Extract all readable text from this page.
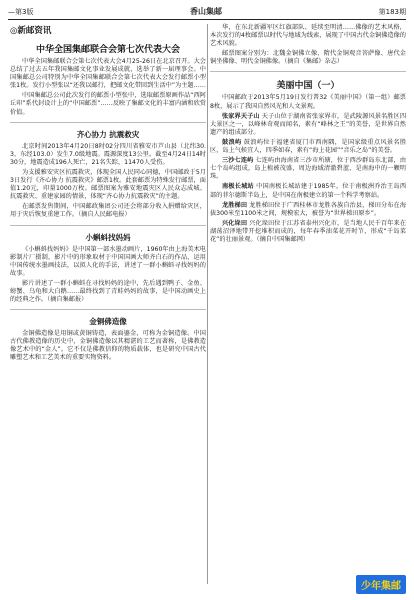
—第3版	香山集邮	第183期
◎新邮资讯
中华全国集邮联合会第七次代表大会

中华全国集邮联合会第七次代表大会4月25-26日在北京召开。大会总结了过去五年我国集邮文化事业发展成就，选举了新一届理事会。中国集邮总公司特别为中华全国集邮联合会第七次代表大会发行邮票小型张1枚。发行小型张以“还我以邮行，把邮文化带回到生活中”为主题……

中国集邮总公司此次发行的邮票小型张中，选取邮票原画作品“西阿丘印”系代封设计上的“中国邮票”……反映了集邮文化的丰富内涵和欣赏价值。

齐心协力 抗震救灾

北京时间2013年4月20日8时02分四川省雅安市芦山县（北纬30.3，东经103.0）发生7.0级地震。震源深度13公里。截至4月24日14时30分，地震造成196人死亡，21名失踪，11470人受伤。

为支援雅安灾区抗震救灾，体现全国人民同心同德，中国邮政于5月3日发行《齐心协力 抗震救灾》邮票1枚。此套邮票为特殊发行邮票，面值1.20元，印量1000万枚。邮票图案为雅安地震灾区人民众志成城、抗震救灾、重建家园的情景，体现“齐心协力抗震救灾”的主题。

在邮票发售期间，中国邮政集团公司还会将部分收入捐赠给灾区，用于灾后恢复重建工作。（摘自人民邮电报）

小蝌蚪找妈妈

《小蝌蚪找妈妈》是中国第一部水墨动画片，1960年由上海美术电影制片厂摄制，影片中的形象取材于中国国画大师齐白石的作品，运用中国传统水墨画技法，以拟人化的手法，讲述了一群小蝌蚪寻找妈妈的故事。

影片讲述了一群小蝌蚪在寻找妈妈的途中，先后遇到鸭子、金鱼、螃蟹、乌龟和大白鹅……最终找到了青蛙妈妈的故事，是中国动画史上的经典之作。（摘自集邮报）

金铜佛造像

金铜佛造像是用铜或黄铜铸造，表面鎏金，可称为金铜造像。中国古代佛教造像的历史中，金铜佛造像以其精湛的工艺而著称，是佛教造像艺术中的“金人”。它不仅是佛教信仰的物质载体，也是研究中国古代雕塑艺术和工艺美术的重要实物资料。

华，在东北新疆军区红旗部队、延续至明清……佛像的艺术风格，本次发行的4枚邮票以时代与地域为线索，展现了中国古代金铜佛造像的艺术风貌。

邮票图案分别为：北魏金铜佛立像、隋代金铜观音菩萨像、唐代金铜坐佛像、明代金铜佛像。（摘自《集邮》杂志）

美丽中国（一）

中国邮政于2013年5月19日发行普32《美丽中国》（第一组）邮票8枚，展示了我国自然风光和人文景观。

张家界天子山 天子山位于湖南省张家界市，是武陵源风景名胜区四大景区之一，以峰林奇观而闻名，素有“峰林之王”的美誉，是世界自然遗产的组成部分。

鼓浪屿 鼓浪屿位于福建省厦门市西南隅，是国家级重点风景名胜区，岛上气候宜人，四季如春，素有“海上花园”“音乐之岛”的美誉。

三沙七连屿 七连屿由海南省三沙市所辖，位于西沙群岛东北部，由七个岛屿组成，岛上植被茂盛，周边海域清澈碧蓝，是南海中的一颗明珠。

南极长城站 中国南极长城站建于1985年，位于南极洲乔治王岛西部的菲尔德斯半岛上，是中国在南极建立的第一个科学考察站。

龙胜梯田 龙胜梯田位于广西桂林市龙胜各族自治县，梯田分布在海拔300米至1100米之间，规模宏大，被誉为“世界梯田原乡”。

兴化垛田 兴化垛田位于江苏省泰州兴化市，是当地人民千百年来在湖荡沼泽地带开挖堆积而成的，每年春季油菜花开时节，形成“千岛菜花”的壮丽景观。（摘自中国集邮网）

少年集邮
